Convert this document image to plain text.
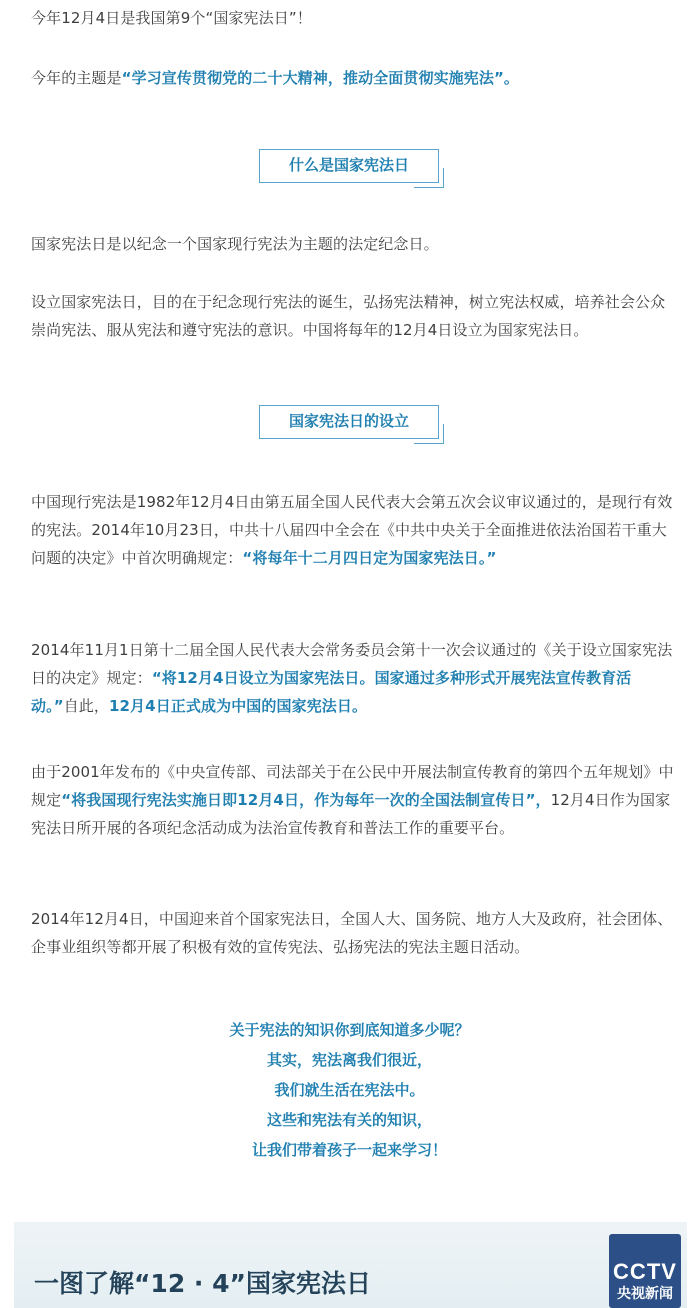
今年12月4日是我国第9个“国家宪法日”！

今年的主题是“学习宣传贯彻党的二十大精神，推动全面贯彻实施宪法”。

什么是国家宪法日

国家宪法日是以纪念一个国家现行宪法为主题的法定纪念日。

设立国家宪法日，目的在于纪念现行宪法的诞生，弘扬宪法精神，树立宪法权威，培养社会公众崇尚宪法、服从宪法和遵守宪法的意识。中国将每年的12月4日设立为国家宪法日。

国家宪法日的设立

中国现行宪法是1982年12月4日由第五届全国人民代表大会第五次会议审议通过的，是现行有效的宪法。2014年10月23日，中共十八届四中全会在《中共中央关于全面推进依法治国若干重大问题的决定》中首次明确规定：“将每年十二月四日定为国家宪法日。”

2014年11月1日第十二届全国人民代表大会常务委员会第十一次会议通过的《关于设立国家宪法日的决定》规定：“将12月4日设立为国家宪法日。国家通过多种形式开展宪法宣传教育活动。”自此，12月4日正式成为中国的国家宪法日。

由于2001年发布的《中央宣传部、司法部关于在公民中开展法制宣传教育的第四个五年规划》中规定“将我国现行宪法实施日即12月4日，作为每年一次的全国法制宣传日”，12月4日作为国家宪法日所开展的各项纪念活动成为法治宣传教育和普法工作的重要平台。

2014年12月4日，中国迎来首个国家宪法日，全国人大、国务院、地方人大及政府，社会团体、企事业组织等都开展了积极有效的宣传宪法、弘扬宪法的宪法主题日活动。

关于宪法的知识你到底知道多少呢？
其实，宪法离我们很近，
我们就生活在宪法中。
这些和宪法有关的知识，
让我们带着孩子一起来学习！
一图了解“12 · 4”国家宪法日	CCTV
央视新闻
